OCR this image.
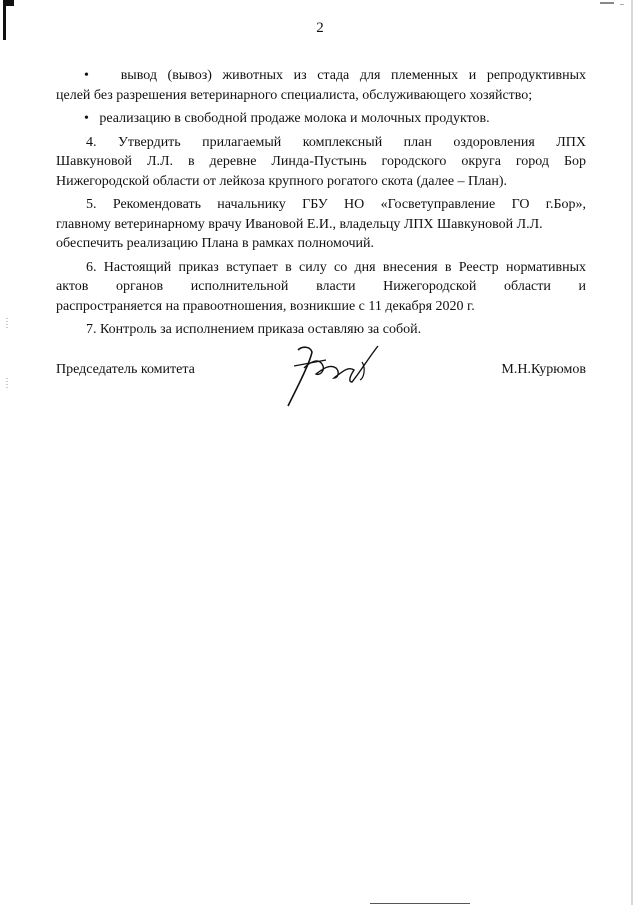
2

• вывод (вывоз) животных из стада для племенных и репродуктивных

целей без разрешения ветеринарного специалиста, обслуживающего хозяйство;

• реализацию в свободной продаже молока и молочных продуктов.

4. Утвердить прилагаемый комплексный план оздоровления ЛПХ

Шавкуновой Л.Л. в деревне Линда-Пустынь городского округа город Бор

Нижегородской области от лейкоза крупного рогатого скота (далее – План).

5. Рекомендовать начальнику ГБУ НО «Госветуправление ГО г.Бор»,

главному ветеринарному врачу Ивановой Е.И., владельцу ЛПХ Шавкуновой Л.Л.

обеспечить реализацию Плана в рамках полномочий.

6. Настоящий приказ вступает в силу со дня внесения в Реестр нормативных

актов органов исполнительной власти Нижегородской области и

распространяется на правоотношения, возникшие с 11 декабря 2020 г.

7. Контроль за исполнением приказа оставляю за собой.

Председатель комитета	М.Н.Курюмов
